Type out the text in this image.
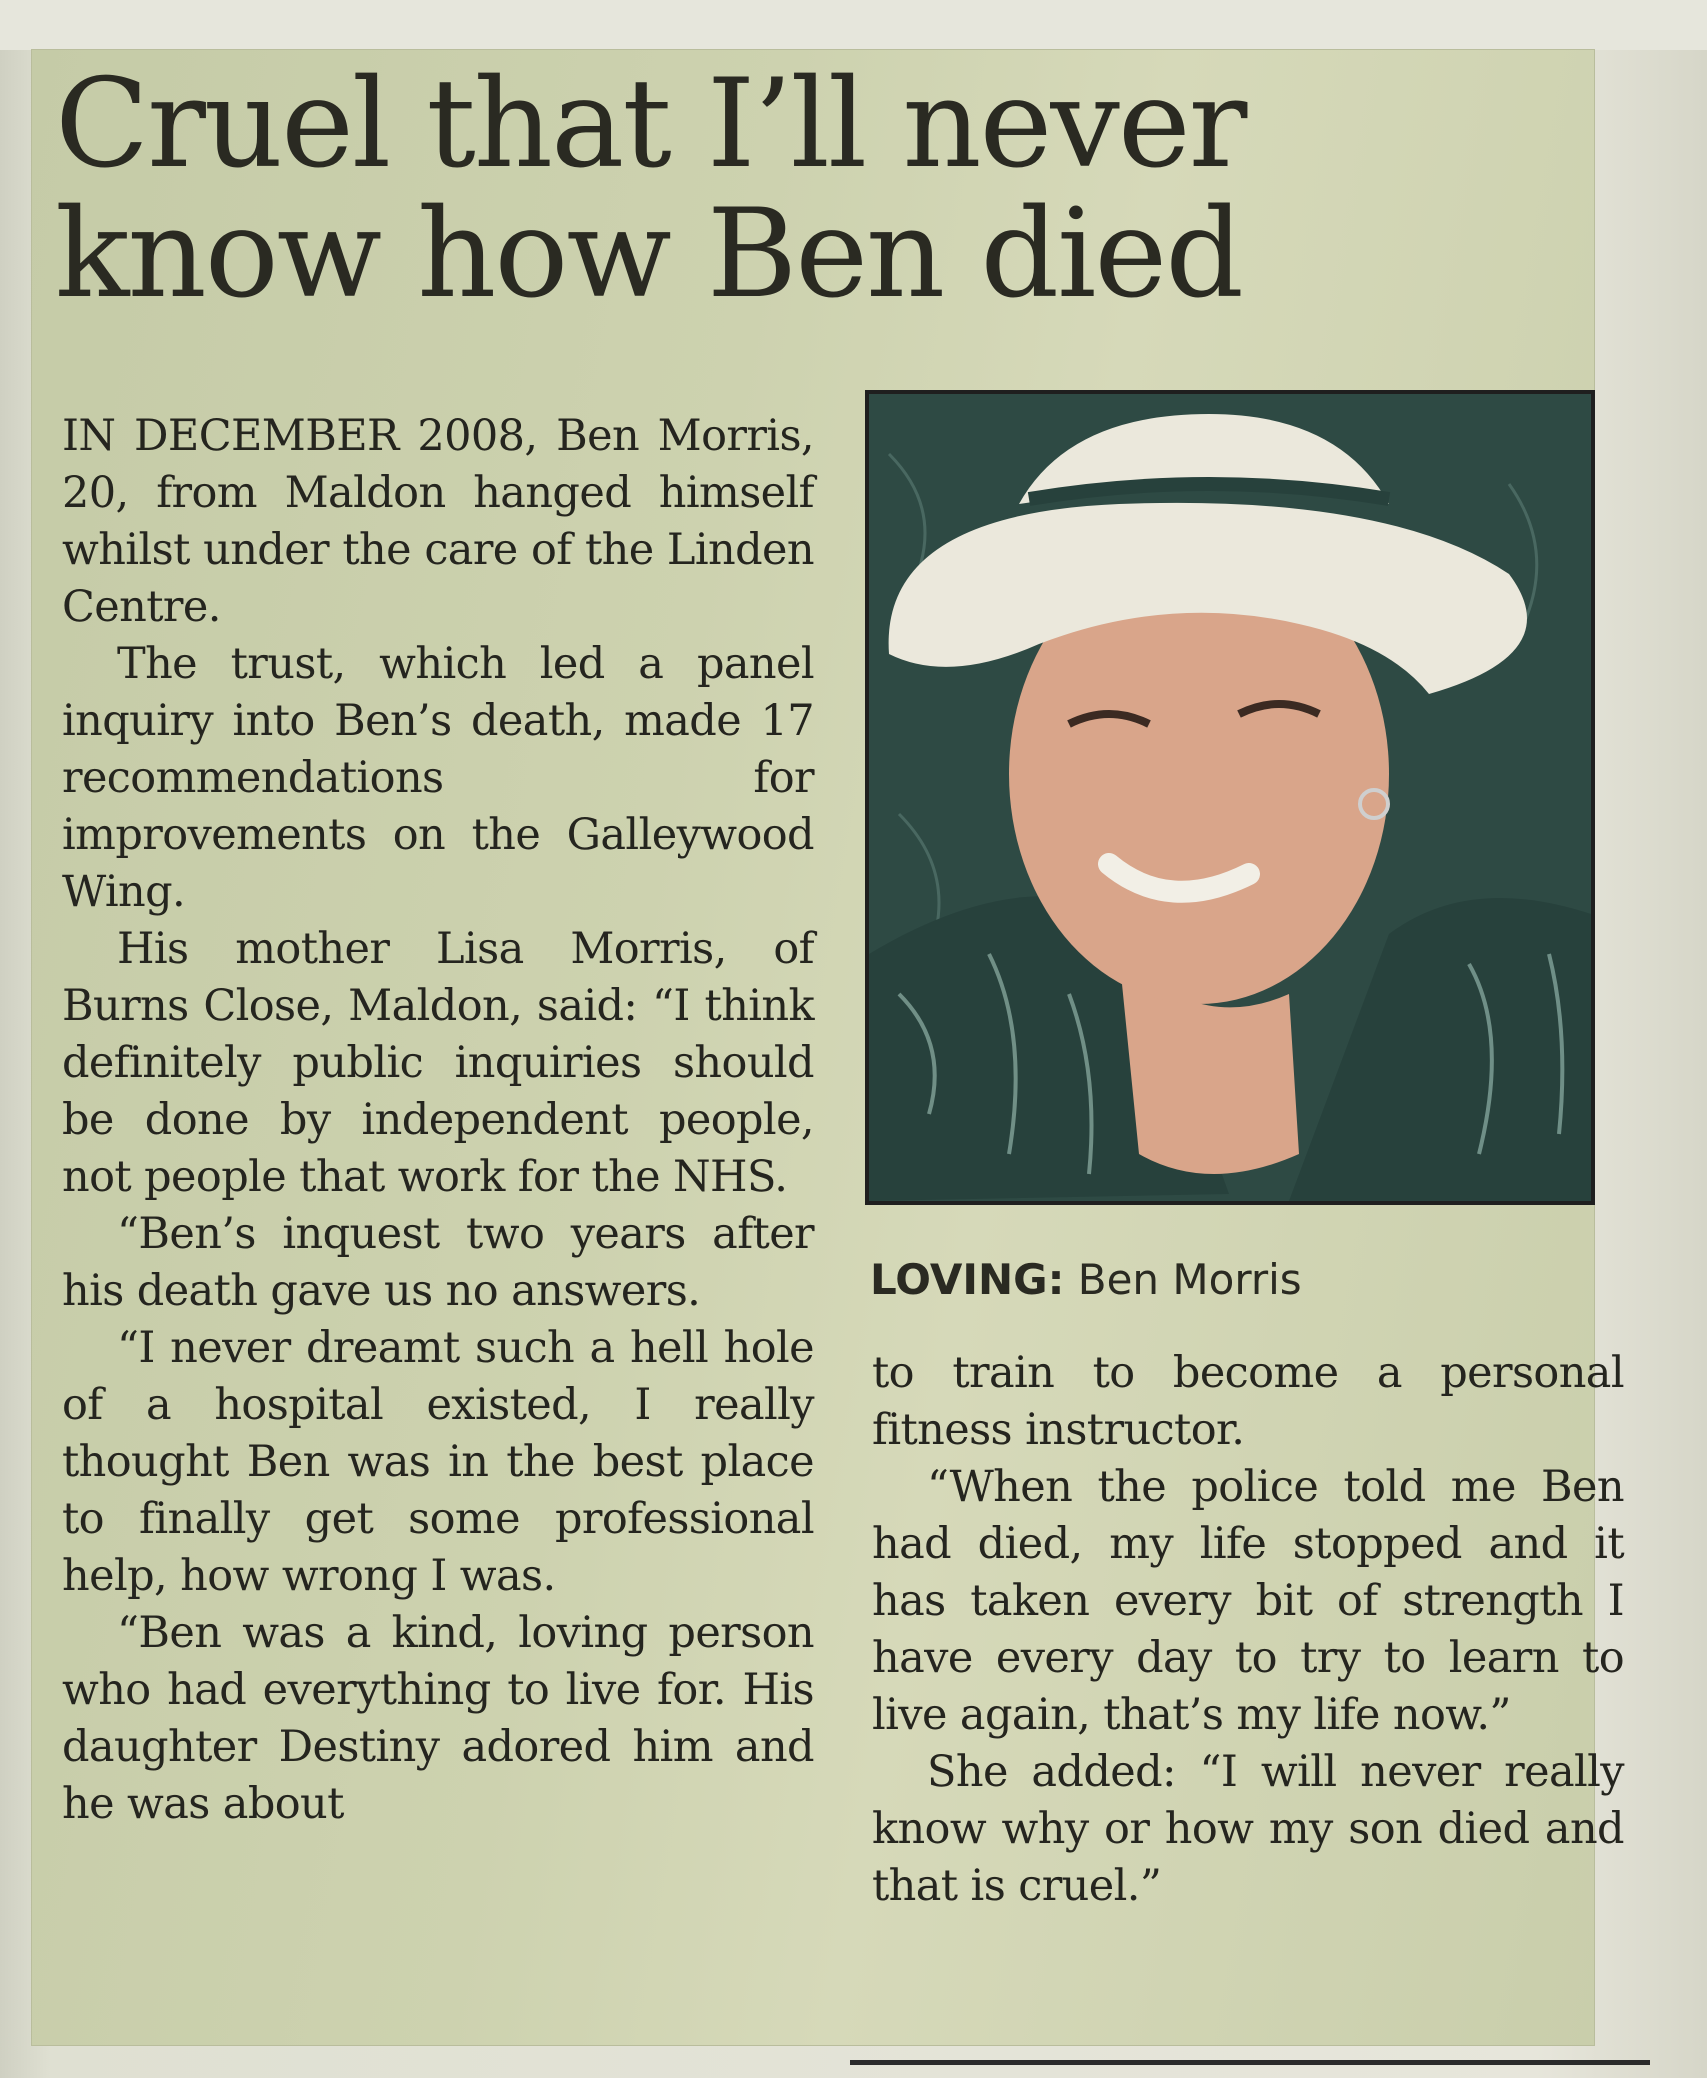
Cruel that I’ll never
know how Ben died

IN DECEMBER 2008, Ben Morris, 20, from Maldon hanged himself whilst under the care of the Linden Centre.

The trust, which led a panel inquiry into Ben’s death, made 17 recommendations for improvements on the Galleywood Wing.

His mother Lisa Morris, of Burns Close, Maldon, said: “I think definitely public inquiries should be done by independent people, not people that work for the NHS.

“Ben’s inquest two years after his death gave us no answers.

“I never dreamt such a hell hole of a hospital existed, I really thought Ben was in the best place to finally get some professional help, how wrong I was.

“Ben was a kind, loving person who had everything to live for. His daughter Destiny adored him and he was about

LOVING: Ben Morris

to train to become a personal fitness instructor.

“When the police told me Ben had died, my life stopped and it has taken every bit of strength I have every day to try to learn to live again, that’s my life now.”

She added: “I will never really know why or how my son died and that is cruel.”
